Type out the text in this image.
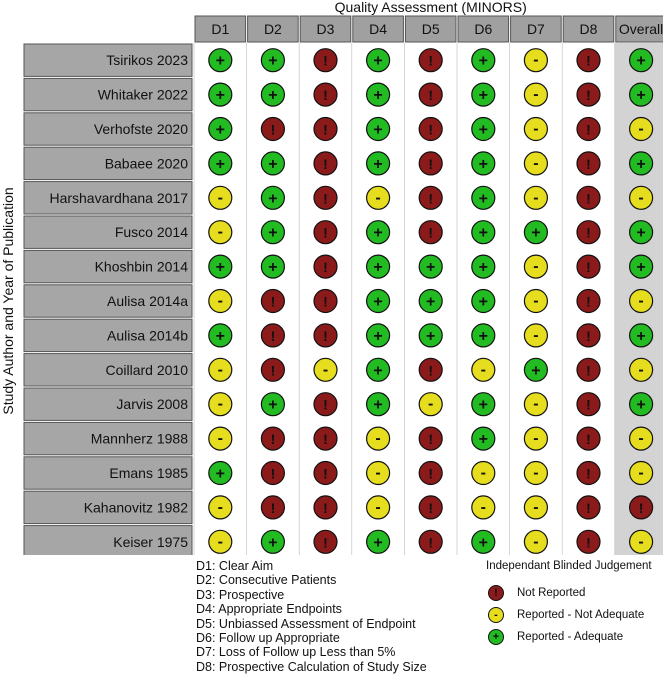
Quality Assessment (MINORS)
Study Author and Year of Publication
D1 D2 D3 D4 D5 D6 D7 D8 Overall
Tsirikos 2023 +	+	!	+	!	+	-	!	+
Whitaker 2022 +	+	!	+	!	+	-	!	+
Verhofste 2020 +	!	!	+	!	+	-	!	-
Babaee 2020 +	+	!	+	!	+	-	!	+
Harshavardhana 2017 -	+	!	-	!	+	-	!	-
Fusco 2014 -	+	!	+	!	+	+	!	+
Khoshbin 2014 +	+	!	+	+	+	-	!	+
Aulisa 2014a -	!	!	+	+	+	-	!	-
Aulisa 2014b +	!	!	+	+	+	-	!	+
Coillard 2010 -	!	-	+	!	-	+	!	-
Jarvis 2008 -	+	!	+	-	+	-	!	+
Mannherz 1988 -	!	!	-	!	+	-	!	-
Emans 1985 +	!	!	-	!	-	-	!	-
Kahanovitz 1982 -	!	!	-	!	-	-	!	!
Keiser 1975 -	+	!	+	!	+	-	!	-
D1: Clear Aim
D2: Consecutive Patients
D3: Prospective
D4: Appropriate Endpoints
D5: Unbiassed Assessment of Endpoint
D6: Follow up Appropriate
D7: Loss of Follow up Less than 5%
D8: Prospective Calculation of Study Size
Independant Blinded Judgement
!	Not Reported
-	Reported - Not Adequate
+	Reported - Adequate
